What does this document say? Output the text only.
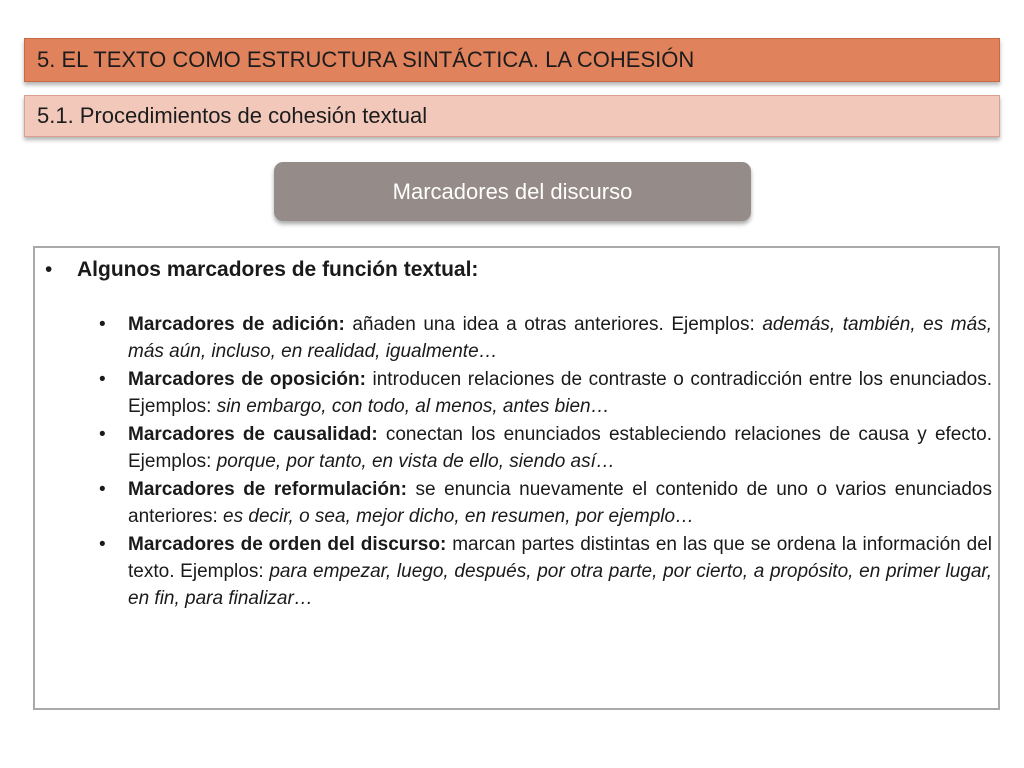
5. EL TEXTO COMO ESTRUCTURA SINTÁCTICA. LA COHESIÓN
5.1. Procedimientos de cohesión textual
Marcadores del discurso
• Algunos marcadores de función textual:
• Marcadores de adición: añaden una idea a otras anteriores. Ejemplos: además, también, es más, más aún, incluso, en realidad, igualmente…
• Marcadores de oposición: introducen relaciones de contraste o contradicción entre los enunciados. Ejemplos: sin embargo, con todo, al menos, antes bien…
• Marcadores de causalidad: conectan los enunciados estableciendo relaciones de causa y efecto. Ejemplos: porque, por tanto, en vista de ello, siendo así…
• Marcadores de reformulación: se enuncia nuevamente el contenido de uno o varios enunciados anteriores: es decir, o sea, mejor dicho, en resumen, por ejemplo…
• Marcadores de orden del discurso: marcan partes distintas en las que se ordena la información del texto. Ejemplos: para empezar, luego, después, por otra parte, por cierto, a propósito, en primer lugar, en fin, para finalizar…
